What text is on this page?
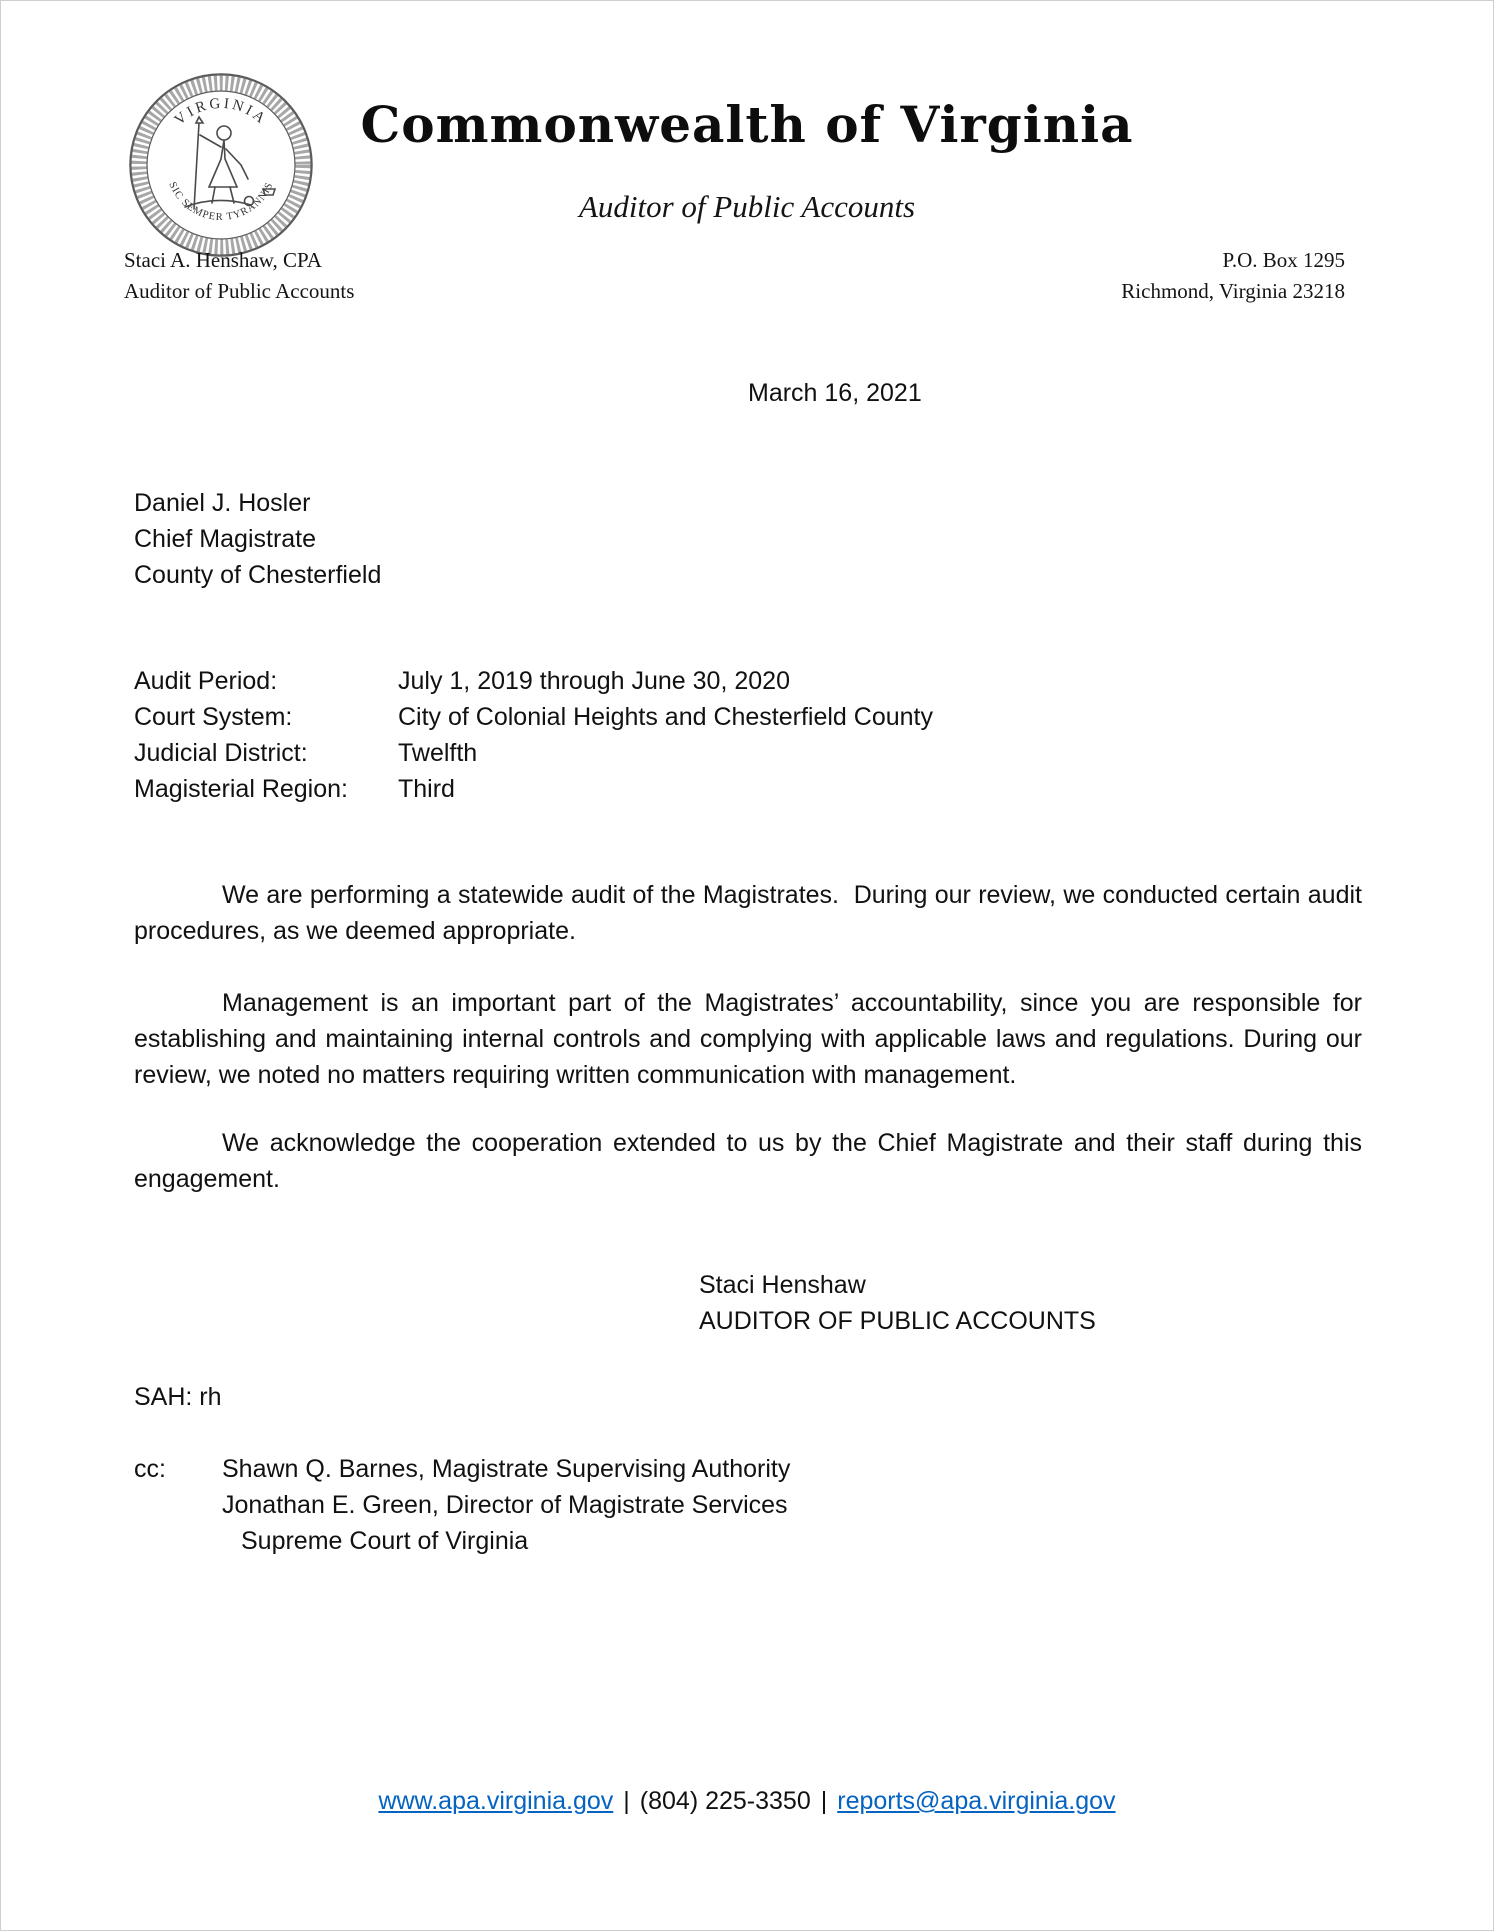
VIRGINIA
SIC SEMPER TYRANNIS
Commonwealth of Virginia
Auditor of Public Accounts
Staci A. Henshaw, CPA
Auditor of Public Accounts
P.O. Box 1295
Richmond, Virginia 23218
March 16, 2021
Daniel J. Hosler
Chief Magistrate
County of Chesterfield
Audit Period:	July 1, 2019 through June 30, 2020
Court System:	City of Colonial Heights and Chesterfield County
Judicial District:	Twelfth
Magisterial Region:	Third
We are performing a statewide audit of the Magistrates.  During our review, we conducted certain audit procedures, as we deemed appropriate.
Management is an important part of the Magistrates’ accountability, since you are responsible for establishing and maintaining internal controls and complying with applicable laws and regulations. During our review, we noted no matters requiring written communication with management.
We acknowledge the cooperation extended to us by the Chief Magistrate and their staff during this engagement.
Staci Henshaw
AUDITOR OF PUBLIC ACCOUNTS
SAH: rh
cc:	Shawn Q. Barnes, Magistrate Supervising Authority
Jonathan E. Green, Director of Magistrate Services
Supreme Court of Virginia
www.apa.virginia.gov | (804) 225-3350 | reports@apa.virginia.gov
